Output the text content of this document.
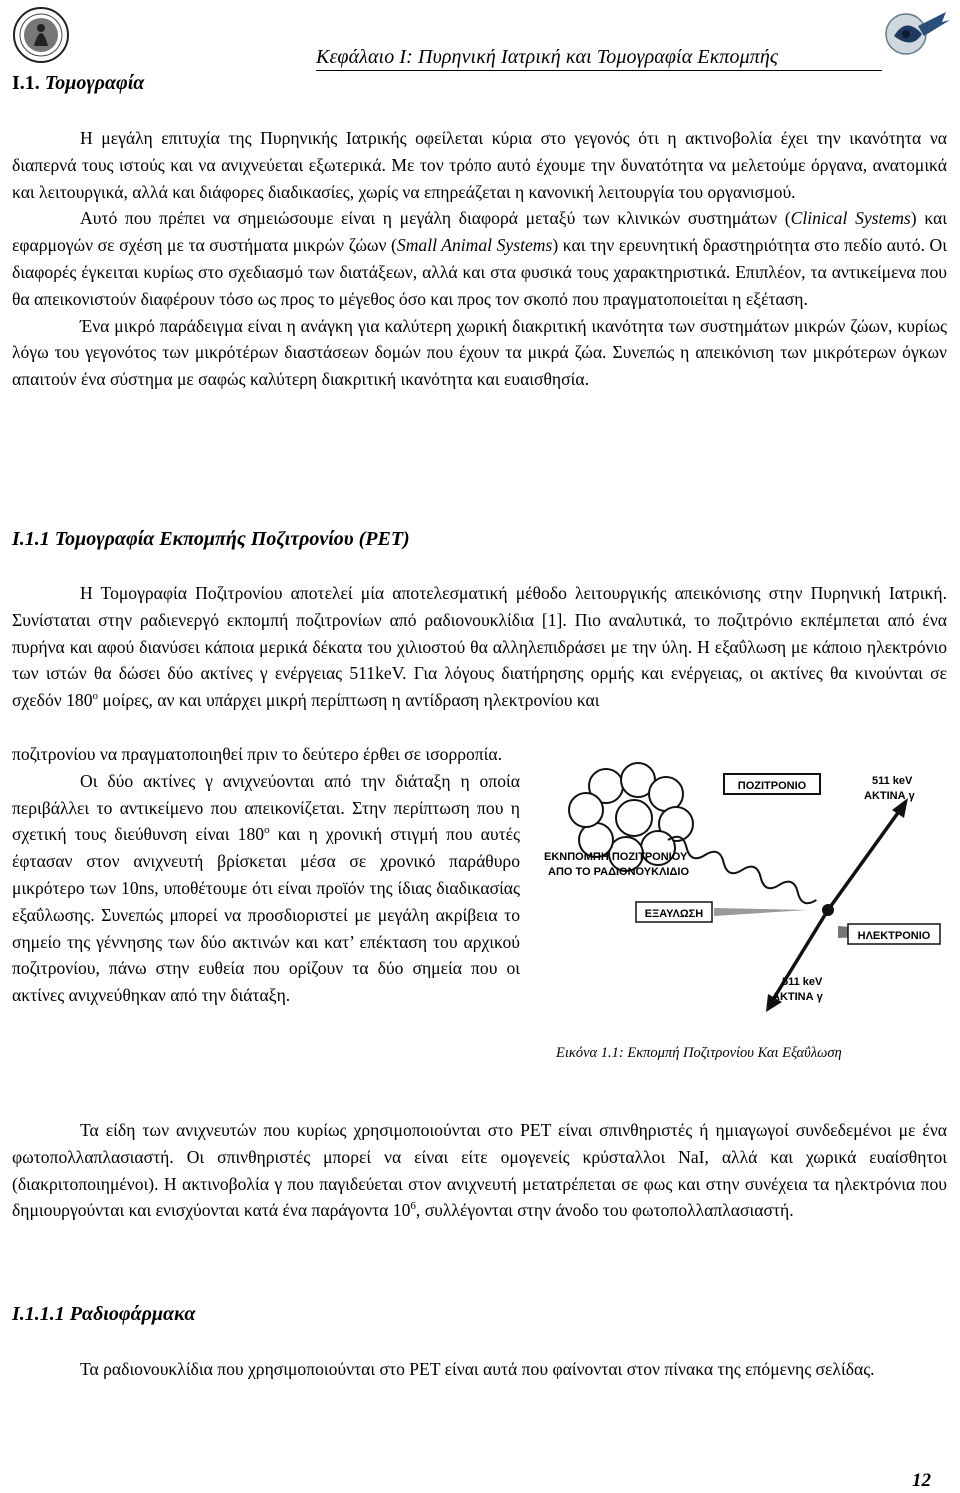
Κεφάλαιο Ι: Πυρηνική Ιατρική και Τομογραφία Εκπομπής
Ι.1. Τομογραφία

Η μεγάλη επιτυχία της Πυρηνικής Ιατρικής οφείλεται κύρια στο γεγονός ότι η ακτινοβολία έχει την ικανότητα να διαπερνά τους ιστούς και να ανιχνεύεται εξωτερικά. Με τον τρόπο αυτό έχουμε την δυνατότητα να μελετούμε όργανα, ανατομικά και λειτουργικά, αλλά και διάφορες διαδικασίες, χωρίς να επηρεάζεται η κανονική λειτουργία του οργανισμού.

Αυτό που πρέπει να σημειώσουμε είναι η μεγάλη διαφορά μεταξύ των κλινικών συστημάτων (Clinical Systems) και εφαρμογών σε σχέση με τα συστήματα μικρών ζώων (Small Animal Systems) και την ερευνητική δραστηριότητα στο πεδίο αυτό. Οι διαφορές έγκειται κυρίως στο σχεδιασμό των διατάξεων, αλλά και στα φυσικά τους χαρακτηριστικά. Επιπλέον, τα αντικείμενα που θα απεικονιστούν διαφέρουν τόσο ως προς το μέγεθος όσο και προς τον σκοπό που πραγματοποιείται η εξέταση.

Ένα μικρό παράδειγμα είναι η ανάγκη για καλύτερη χωρική διακριτική ικανότητα των συστημάτων μικρών ζώων, κυρίως λόγω του γεγονότος των μικρότέρων διαστάσεων δομών που έχουν τα μικρά ζώα. Συνεπώς η απεικόνιση των μικρότερων όγκων απαιτούν ένα σύστημα με σαφώς καλύτερη διακριτική ικανότητα και ευαισθησία.

Ι.1.1 Τομογραφία Εκπομπής Ποζιτρονίου (PET)

Η Τομογραφία Ποζιτρονίου αποτελεί μία αποτελεσματική μέθοδο λειτουργικής απεικόνισης στην Πυρηνική Ιατρική. Συνίσταται στην ραδιενεργό εκπομπή ποζιτρονίων από ραδιονουκλίδια [1]. Πιο αναλυτικά, το ποζιτρόνιο εκπέμπεται από ένα πυρήνα και αφού διανύσει κάποια μερικά δέκατα του χιλιοστού θα αλληλεπιδράσει με την ύλη. Η εξαΰλωση με κάποιο ηλεκτρόνιο των ιστών θα δώσει δύο ακτίνες γ ενέργειας 511keV. Για λόγους διατήρησης ορμής και ενέργειας, οι ακτίνες θα κινούνται σε σχεδόν $180^o$ μοίρες, αν και υπάρχει μικρή περίπτωση η αντίδραση ηλεκτρονίου και

ποζιτρονίου να πραγματοποιηθεί πριν το δεύτερο έρθει σε ισορροπία.

Οι δύο ακτίνες γ ανιχνεύονται από την διάταξη η οποία περιβάλλει το αντικείμενο που απεικονίζεται. Στην περίπτωση που η σχετική τους διεύθυνση είναι $180^o$ και η χρονική στιγμή που αυτές έφτασαν στον ανιχνευτή βρίσκεται μέσα σε χρονικό παράθυρο μικρότερο των 10ns, υποθέτουμε ότι είναι προϊόν της ίδιας διαδικασίας εξαΰλωσης. Συνεπώς μπορεί να προσδιοριστεί με μεγάλη ακρίβεια το σημείο της γέννησης των δύο ακτινών και κατ’ επέκταση του αρχικού ποζιτρονίου, πάνω στην ευθεία που ορίζουν τα δύο σημεία που οι ακτίνες ανιχνεύθηκαν από την διάταξη.

ΠΟΖΙΤΡΟΝΙΟ	511 keV
ΑΚΤΙΝΑ γ
ΕΚΝΠΟΜΠΗ ΠΟΖΙΤΡΟΝΙΟΥ
ΑΠΟ ΤΟ ΡΑΔΙΟΝΟΥΚΛΙΔΙΟ
ΕΞΑΥΛΩΣΗ
ΗΛΕΚΤΡΟΝΙΟ
511 keV
ΑΚΤΙΝΑ γ
Εικόνα 1.1: Εκπομπή Ποζιτρονίου Και Εξαΰλωση

Τα είδη των ανιχνευτών που κυρίως χρησιμοποιούνται στο PET είναι σπινθηριστές ή ημιαγωγοί συνδεδεμένοι με ένα φωτοπολλαπλασιαστή. Οι σπινθηριστές μπορεί να είναι είτε ομογενείς κρύσταλλοι NaI, αλλά και χωρικά ευαίσθητοι (διακριτοποιημένοι). Η ακτινοβολία γ που παγιδεύεται στον ανιχνευτή μετατρέπεται σε φως και στην συνέχεια τα ηλεκτρόνια που δημιουργούνται και ενισχύονται κατά ένα παράγοντα $10^6$, συλλέγονται στην άνοδο του φωτοπολλαπλασιαστή.

Ι.1.1.1 Ραδιοφάρμακα

Τα ραδιονουκλίδια που χρησιμοποιούνται στο PET είναι αυτά που φαίνονται στον πίνακα της επόμενης σελίδας.

12
